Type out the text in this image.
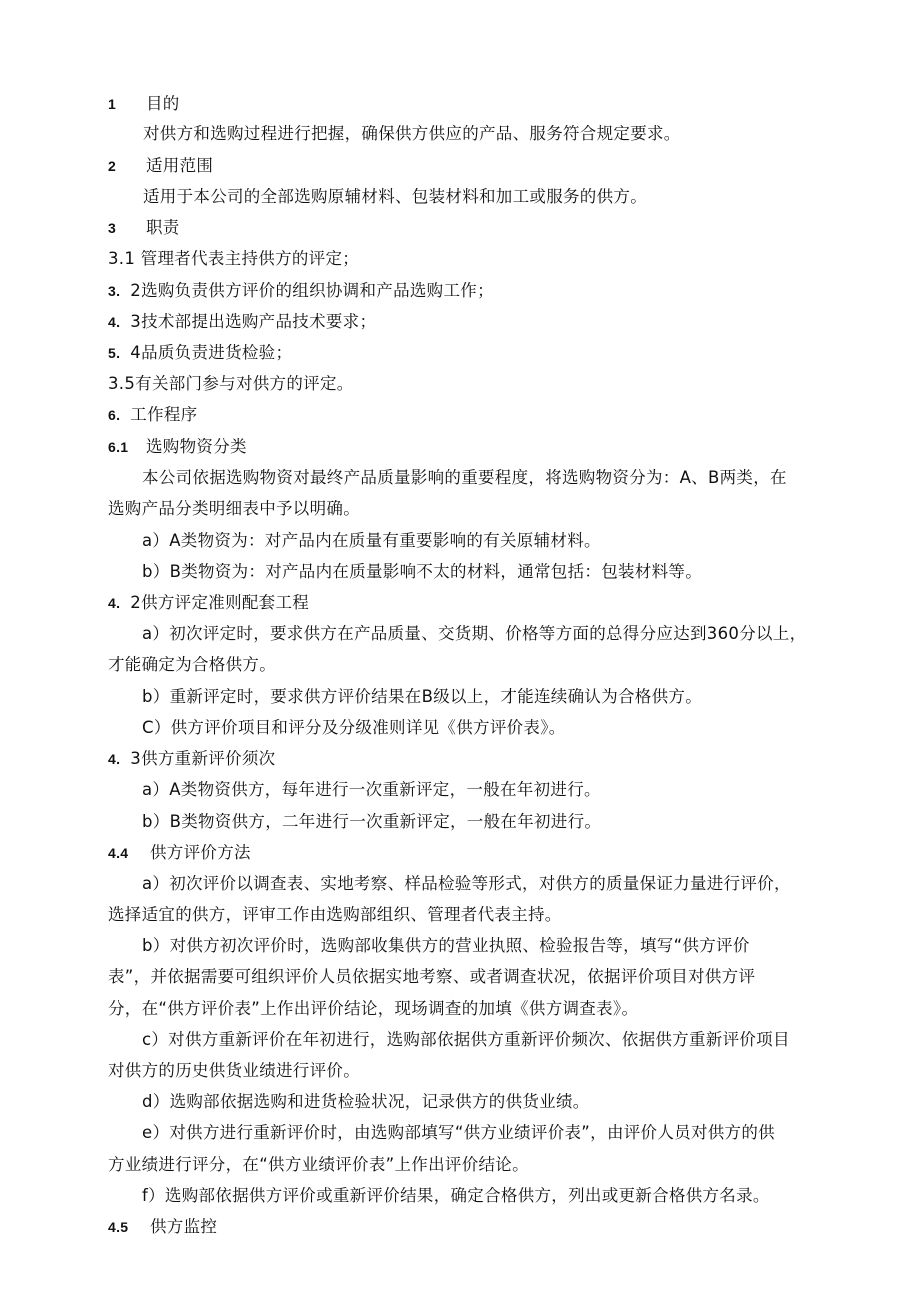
1 目的
对供方和选购过程进行把握，确保供方供应的产品、服务符合规定要求。
2 适用范围
适用于本公司的全部选购原辅材料、包装材料和加工或服务的供方。
3 职责
3.1 管理者代表主持供方的评定；
3. 2选购负责供方评价的组织协调和产品选购工作；
4. 3技术部提出选购产品技术要求；
5. 4品质负责进货检验；
3.5有关部门参与对供方的评定。
6. 工作程序
6.1 选购物资分类
本公司依据选购物资对最终产品质量影响的重要程度，将选购物资分为：A、B两类，在
选购产品分类明细表中予以明确。
a）A类物资为：对产品内在质量有重要影响的有关原辅材料。
b）B类物资为：对产品内在质量影响不太的材料，通常包括：包装材料等。
4. 2供方评定准则配套工程
a）初次评定时，要求供方在产品质量、交货期、价格等方面的总得分应达到360分以上，
才能确定为合格供方。
b）重新评定时，要求供方评价结果在B级以上，才能连续确认为合格供方。
C）供方评价项目和评分及分级准则详见《供方评价表》。
4. 3供方重新评价须次
a）A类物资供方，每年进行一次重新评定，一般在年初进行。
b）B类物资供方，二年进行一次重新评定，一般在年初进行。
4.4 供方评价方法
a）初次评价以调查表、实地考察、样品检验等形式，对供方的质量保证力量进行评价，
选择适宜的供方，评审工作由选购部组织、管理者代表主持。
b）对供方初次评价时，选购部收集供方的营业执照、检验报告等，填写“供方评价
表”，并依据需要可组织评价人员依据实地考察、或者调查状况，依据评价项目对供方评
分，在“供方评价表”上作出评价结论，现场调查的加填《供方调查表》。
c）对供方重新评价在年初进行，选购部依据供方重新评价频次、依据供方重新评价项目
对供方的历史供货业绩进行评价。
d）选购部依据选购和进货检验状况，记录供方的供货业绩。
e）对供方进行重新评价时，由选购部填写“供方业绩评价表”，由评价人员对供方的供
方业绩进行评分，在“供方业绩评价表”上作出评价结论。
f）选购部依据供方评价或重新评价结果，确定合格供方，列出或更新合格供方名录。
4.5 供方监控
